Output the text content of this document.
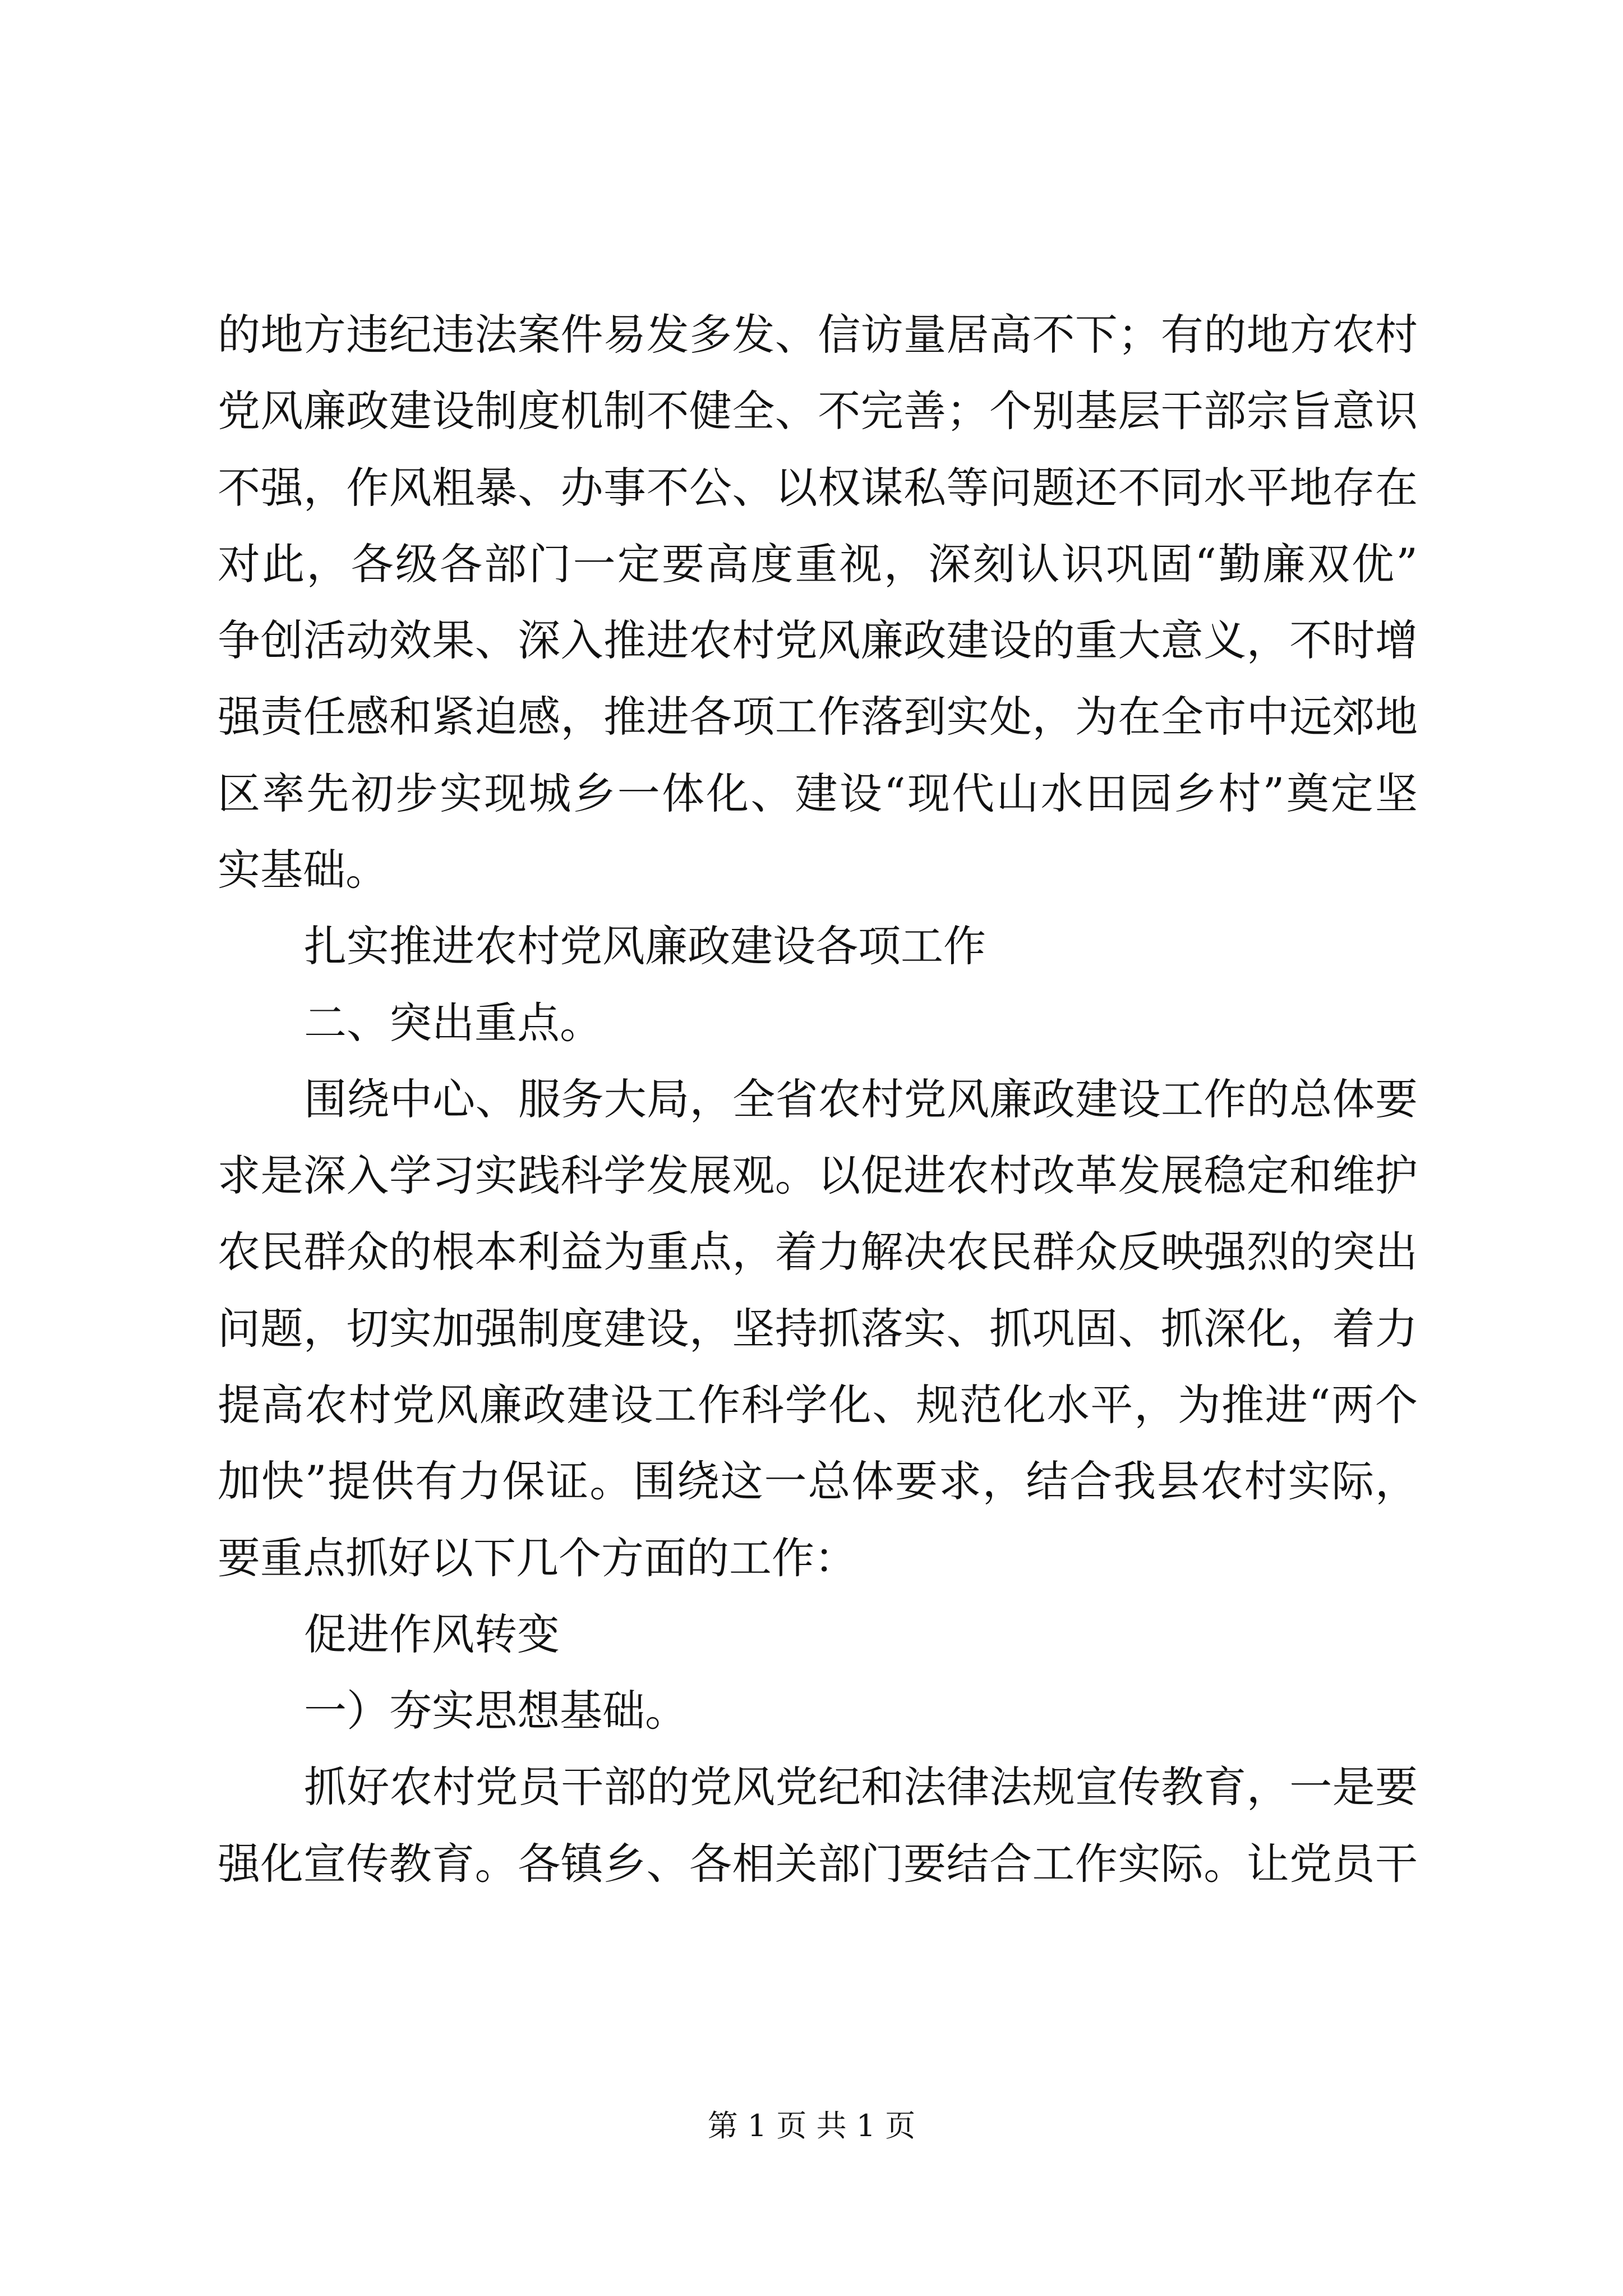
的地方违纪违法案件易发多发、信访量居高不下；有的地方农村
党风廉政建设制度机制不健全、不完善；个别基层干部宗旨意识
不强，作风粗暴、办事不公、以权谋私等问题还不同水平地存在
对此，各级各部门一定要高度重视，深刻认识巩固“勤廉双优”
争创活动效果、深入推进农村党风廉政建设的重大意义，不时增
强责任感和紧迫感，推进各项工作落到实处，为在全市中远郊地
区率先初步实现城乡一体化、建设“现代山水田园乡村”奠定坚
实基础。
扎实推进农村党风廉政建设各项工作
二、突出重点。
围绕中心、服务大局，全省农村党风廉政建设工作的总体要
求是深入学习实践科学发展观。以促进农村改革发展稳定和维护
农民群众的根本利益为重点，着力解决农民群众反映强烈的突出
问题，切实加强制度建设，坚持抓落实、抓巩固、抓深化，着力
提高农村党风廉政建设工作科学化、规范化水平，为推进“两个
加快”提供有力保证。围绕这一总体要求，结合我县农村实际，
要重点抓好以下几个方面的工作：
促进作风转变
一）夯实思想基础。
抓好农村党员干部的党风党纪和法律法规宣传教育，一是要
强化宣传教育。各镇乡、各相关部门要结合工作实际。让党员干
第 1 页 共 1 页
